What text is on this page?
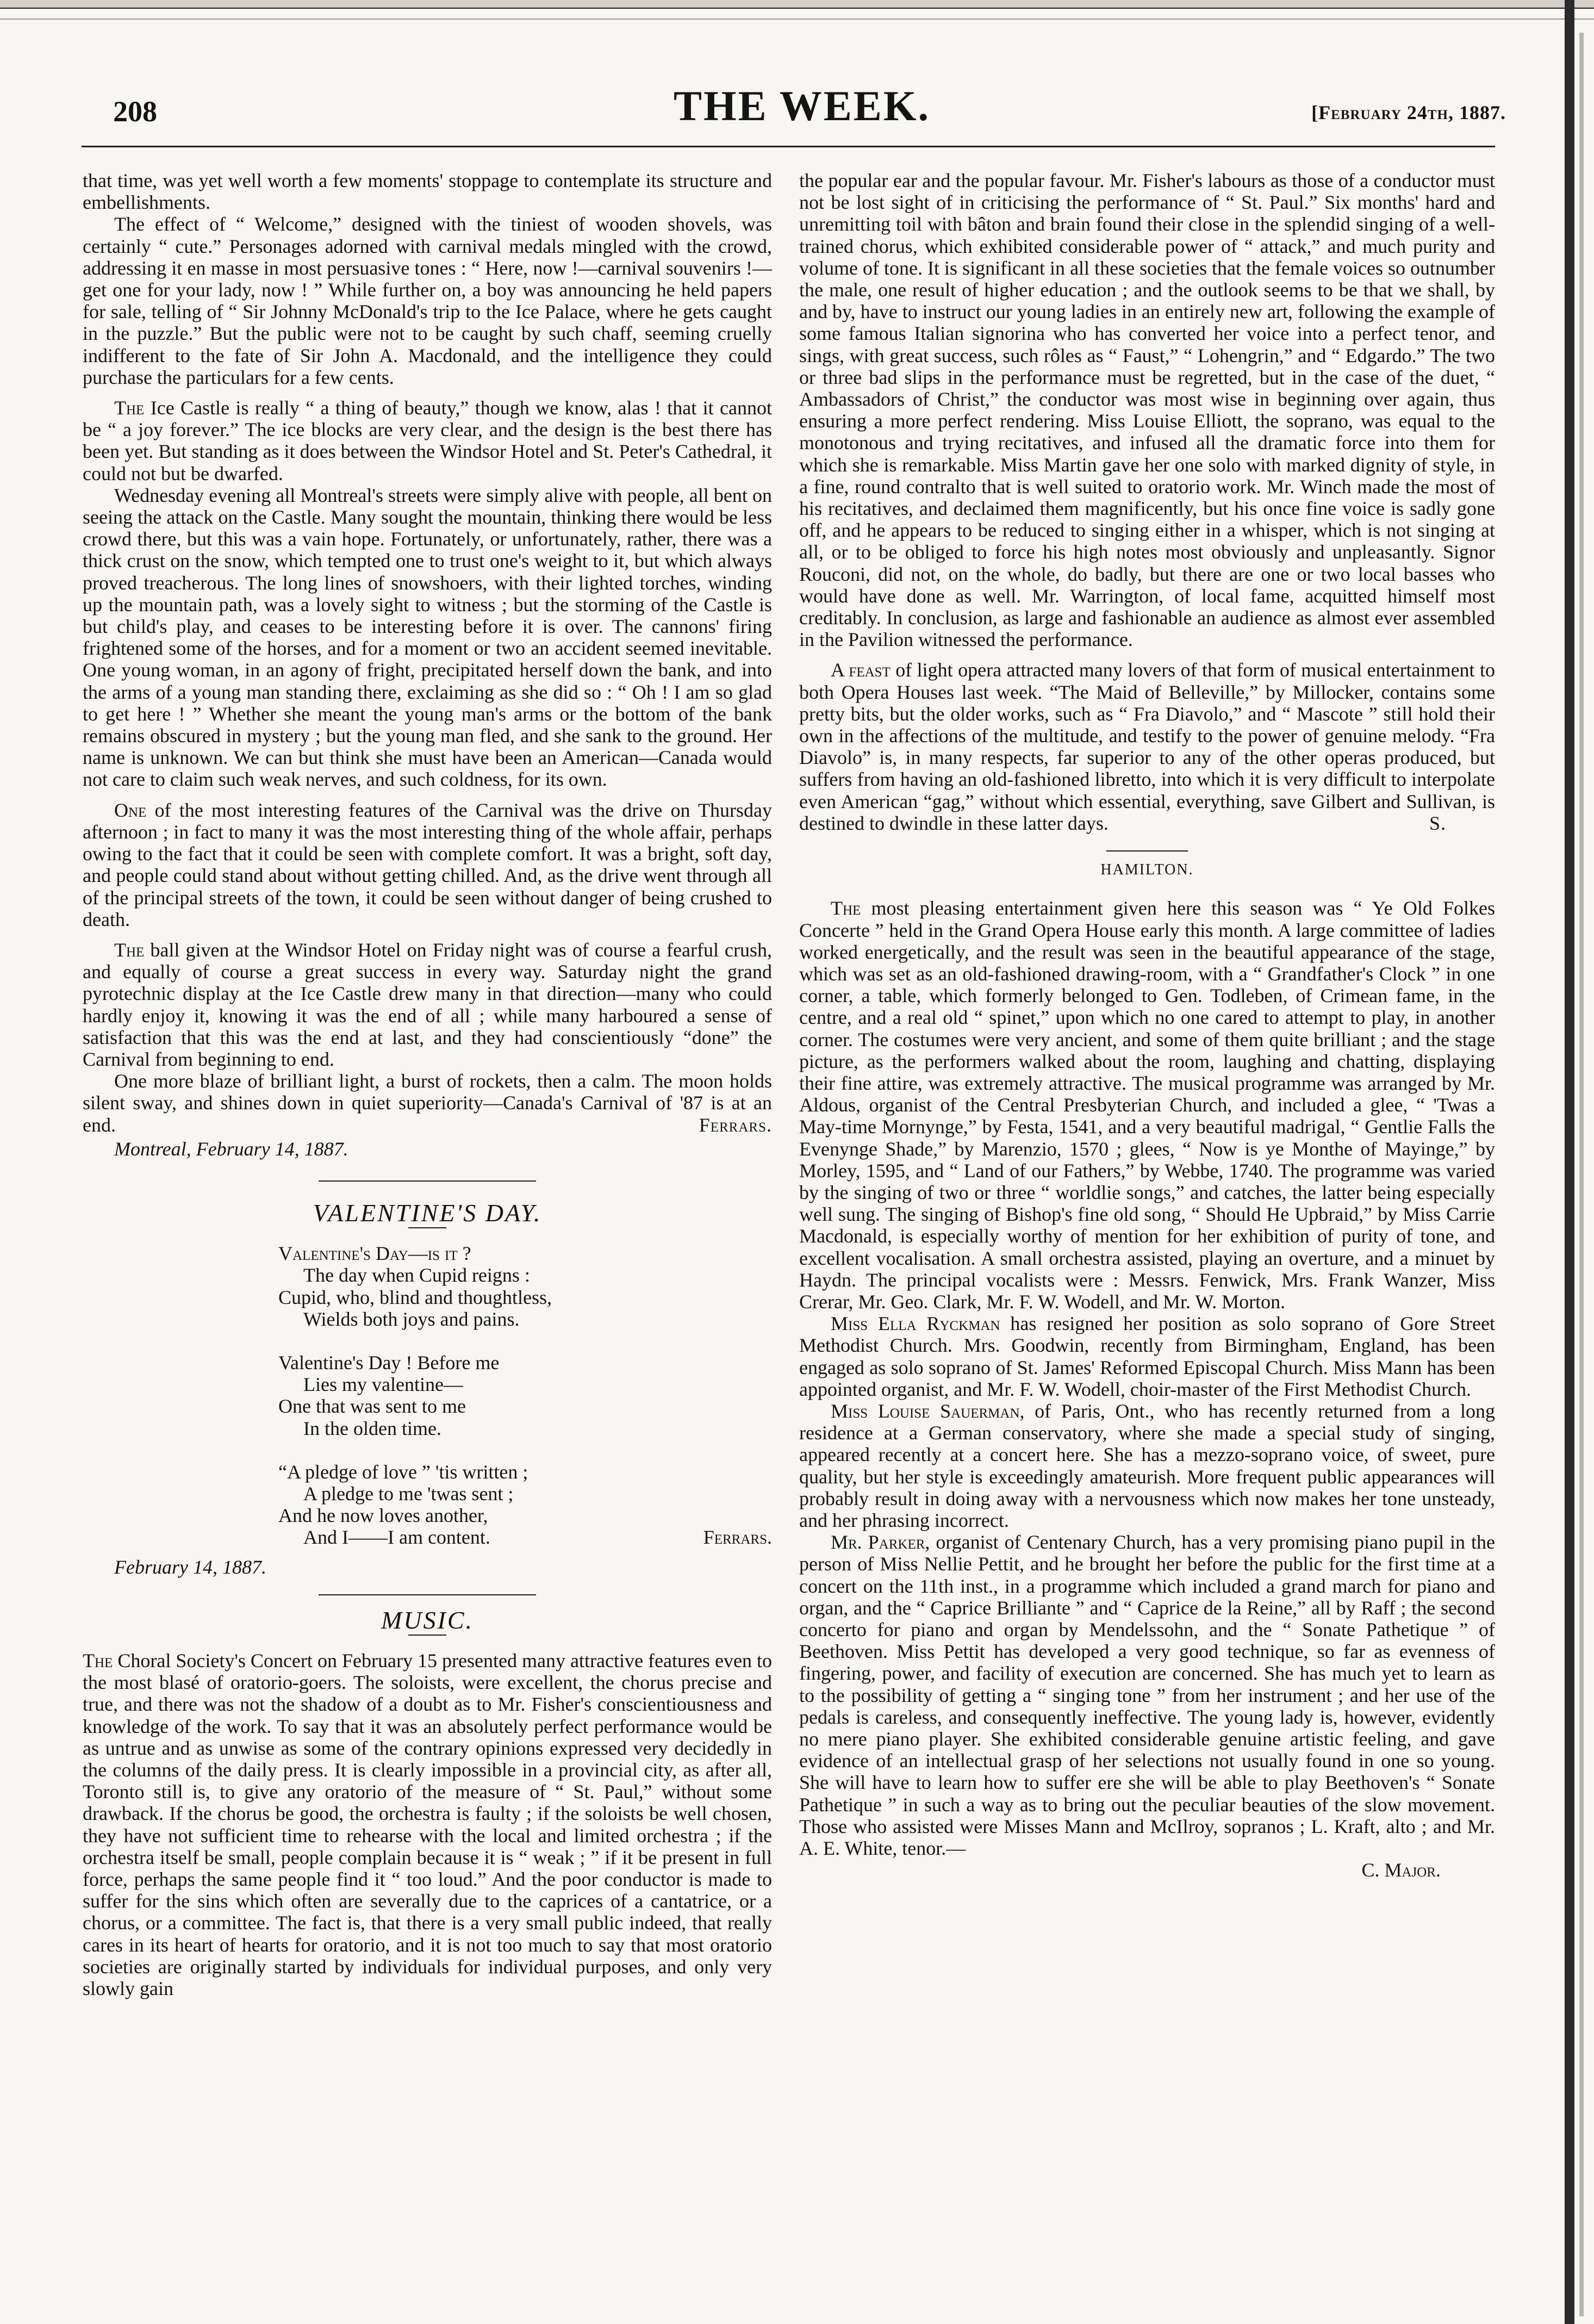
208	THE WEEK.	[February 24th, 1887.

that time, was yet well worth a few moments' stoppage to contemplate its structure and embellishments.

The effect of “ Welcome,” designed with the tiniest of wooden shovels, was certainly “ cute.” Personages adorned with carnival medals mingled with the crowd, addressing it en masse in most persuasive tones : “ Here, now !—carnival souvenirs !—get one for your lady, now ! ” While further on, a boy was announcing he held papers for sale, telling of “ Sir Johnny McDonald's trip to the Ice Palace, where he gets caught in the puzzle.” But the public were not to be caught by such chaff, seeming cruelly indifferent to the fate of Sir John A. Macdonald, and the intelligence they could purchase the particulars for a few cents.

The Ice Castle is really “ a thing of beauty,” though we know, alas ! that it cannot be “ a joy forever.” The ice blocks are very clear, and the design is the best there has been yet. But standing as it does between the Windsor Hotel and St. Peter's Cathedral, it could not but be dwarfed.

Wednesday evening all Montreal's streets were simply alive with people, all bent on seeing the attack on the Castle. Many sought the mountain, thinking there would be less crowd there, but this was a vain hope. Fortunately, or unfortunately, rather, there was a thick crust on the snow, which tempted one to trust one's weight to it, but which always proved treacherous. The long lines of snowshoers, with their lighted torches, winding up the mountain path, was a lovely sight to witness ; but the storming of the Castle is but child's play, and ceases to be interesting before it is over. The cannons' firing frightened some of the horses, and for a moment or two an accident seemed inevitable. One young woman, in an agony of fright, precipitated herself down the bank, and into the arms of a young man standing there, exclaiming as she did so : “ Oh ! I am so glad to get here ! ” Whether she meant the young man's arms or the bottom of the bank remains obscured in mystery ; but the young man fled, and she sank to the ground. Her name is unknown. We can but think she must have been an American—Canada would not care to claim such weak nerves, and such coldness, for its own.

One of the most interesting features of the Carnival was the drive on Thursday afternoon ; in fact to many it was the most interesting thing of the whole affair, perhaps owing to the fact that it could be seen with complete comfort. It was a bright, soft day, and people could stand about without getting chilled. And, as the drive went through all of the principal streets of the town, it could be seen without danger of being crushed to death.

The ball given at the Windsor Hotel on Friday night was of course a fearful crush, and equally of course a great success in every way. Saturday night the grand pyrotechnic display at the Ice Castle drew many in that direction—many who could hardly enjoy it, knowing it was the end of all ; while many harboured a sense of satisfaction that this was the end at last, and they had conscientiously “done” the Carnival from beginning to end.

One more blaze of brilliant light, a burst of rockets, then a calm. The moon holds silent sway, and shines down in quiet superiority—Canada's Carnival of '87 is at an end.	Ferrars.

Montreal, February 14, 1887.
VALENTINE'S DAY.
Valentine's Day—is it ?
The day when Cupid reigns :
Cupid, who, blind and thoughtless,
Wields both joys and pains.
Valentine's Day ! Before me
Lies my valentine—
One that was sent to me
In the olden time.
“A pledge of love ” 'tis written ;
A pledge to me 'twas sent ;
And he now loves another,
And I——I am content.	Ferrars.
February 14, 1887.
MUSIC.

The Choral Society's Concert on February 15 presented many attractive features even to the most blasé of oratorio-goers. The soloists, were excellent, the chorus precise and true, and there was not the shadow of a doubt as to Mr. Fisher's conscientiousness and knowledge of the work. To say that it was an absolutely perfect performance would be as untrue and as unwise as some of the contrary opinions expressed very decidedly in the columns of the daily press. It is clearly impossible in a provincial city, as after all, Toronto still is, to give any oratorio of the measure of “ St. Paul,” without some drawback. If the chorus be good, the orchestra is faulty ; if the soloists be well chosen, they have not sufficient time to rehearse with the local and limited orchestra ; if the orchestra itself be small, people complain because it is “ weak ; ” if it be present in full force, perhaps the same people find it “ too loud.” And the poor conductor is made to suffer for the sins which often are severally due to the caprices of a cantatrice, or a chorus, or a committee. The fact is, that there is a very small public indeed, that really cares in its heart of hearts for oratorio, and it is not too much to say that most oratorio societies are originally started by individuals for individual purposes, and only very slowly gain

the popular ear and the popular favour. Mr. Fisher's labours as those of a conductor must not be lost sight of in criticising the performance of “ St. Paul.” Six months' hard and unremitting toil with bâton and brain found their close in the splendid singing of a well-trained chorus, which exhibited considerable power of “ attack,” and much purity and volume of tone. It is significant in all these societies that the female voices so outnumber the male, one result of higher education ; and the outlook seems to be that we shall, by and by, have to instruct our young ladies in an entirely new art, following the example of some famous Italian signorina who has converted her voice into a perfect tenor, and sings, with great success, such rôles as “ Faust,” “ Lohengrin,” and “ Edgardo.” The two or three bad slips in the performance must be regretted, but in the case of the duet, “ Ambassadors of Christ,” the conductor was most wise in beginning over again, thus ensuring a more perfect rendering. Miss Louise Elliott, the soprano, was equal to the monotonous and trying recitatives, and infused all the dramatic force into them for which she is remarkable. Miss Martin gave her one solo with marked dignity of style, in a fine, round contralto that is well suited to oratorio work. Mr. Winch made the most of his recitatives, and declaimed them magnificently, but his once fine voice is sadly gone off, and he appears to be reduced to singing either in a whisper, which is not singing at all, or to be obliged to force his high notes most obviously and unpleasantly. Signor Rouconi, did not, on the whole, do badly, but there are one or two local basses who would have done as well. Mr. Warrington, of local fame, acquitted himself most creditably. In conclusion, as large and fashionable an audience as almost ever assembled in the Pavilion witnessed the performance.

A feast of light opera attracted many lovers of that form of musical entertainment to both Opera Houses last week. “The Maid of Belleville,” by Millocker, contains some pretty bits, but the older works, such as “ Fra Diavolo,” and “ Mascote ” still hold their own in the affections of the multitude, and testify to the power of genuine melody. “Fra Diavolo” is, in many respects, far superior to any of the other operas produced, but suffers from having an old-fashioned libretto, into which it is very difficult to interpolate even American “gag,” without which essential, everything, save Gilbert and Sullivan, is destined to dwindle in these latter days.	S.

HAMILTON.

The most pleasing entertainment given here this season was “ Ye Old Folkes Concerte ” held in the Grand Opera House early this month. A large committee of ladies worked energetically, and the result was seen in the beautiful appearance of the stage, which was set as an old-fashioned drawing-room, with a “ Grandfather's Clock ” in one corner, a table, which formerly belonged to Gen. Todleben, of Crimean fame, in the centre, and a real old “ spinet,” upon which no one cared to attempt to play, in another corner. The costumes were very ancient, and some of them quite brilliant ; and the stage picture, as the performers walked about the room, laughing and chatting, displaying their fine attire, was extremely attractive. The musical programme was arranged by Mr. Aldous, organist of the Central Presbyterian Church, and included a glee, “ 'Twas a May-time Mornynge,” by Festa, 1541, and a very beautiful madrigal, “ Gentlie Falls the Evenynge Shade,” by Marenzio, 1570 ; glees, “ Now is ye Monthe of Mayinge,” by Morley, 1595, and “ Land of our Fathers,” by Webbe, 1740. The programme was varied by the singing of two or three “ worldlie songs,” and catches, the latter being especially well sung. The singing of Bishop's fine old song, “ Should He Upbraid,” by Miss Carrie Macdonald, is especially worthy of mention for her exhibition of purity of tone, and excellent vocalisation. A small orchestra assisted, playing an overture, and a minuet by Haydn. The principal vocalists were : Messrs. Fenwick, Mrs. Frank Wanzer, Miss Crerar, Mr. Geo. Clark, Mr. F. W. Wodell, and Mr. W. Morton.

Miss Ella Ryckman has resigned her position as solo soprano of Gore Street Methodist Church. Mrs. Goodwin, recently from Birmingham, England, has been engaged as solo soprano of St. James' Reformed Episcopal Church. Miss Mann has been appointed organist, and Mr. F. W. Wodell, choir-master of the First Methodist Church.

Miss Louise Sauerman, of Paris, Ont., who has recently returned from a long residence at a German conservatory, where she made a special study of singing, appeared recently at a concert here. She has a mezzo-soprano voice, of sweet, pure quality, but her style is exceedingly amateurish. More frequent public appearances will probably result in doing away with a nervousness which now makes her tone unsteady, and her phrasing incorrect.

Mr. Parker, organist of Centenary Church, has a very promising piano pupil in the person of Miss Nellie Pettit, and he brought her before the public for the first time at a concert on the 11th inst., in a programme which included a grand march for piano and organ, and the “ Caprice Brilliante ” and “ Caprice de la Reine,” all by Raff ; the second concerto for piano and organ by Mendelssohn, and the “ Sonate Pathetique ” of Beethoven. Miss Pettit has developed a very good technique, so far as evenness of fingering, power, and facility of execution are concerned. She has much yet to learn as to the possibility of getting a “ singing tone ” from her instrument ; and her use of the pedals is careless, and consequently ineffective. The young lady is, however, evidently no mere piano player. She exhibited considerable genuine artistic feeling, and gave evidence of an intellectual grasp of her selections not usually found in one so young. She will have to learn how to suffer ere she will be able to play Beethoven's “ Sonate Pathetique ” in such a way as to bring out the peculiar beauties of the slow movement. Those who assisted were Misses Mann and McIlroy, sopranos ; L. Kraft, alto ; and Mr. A. E. White, tenor.—

C. Major.
